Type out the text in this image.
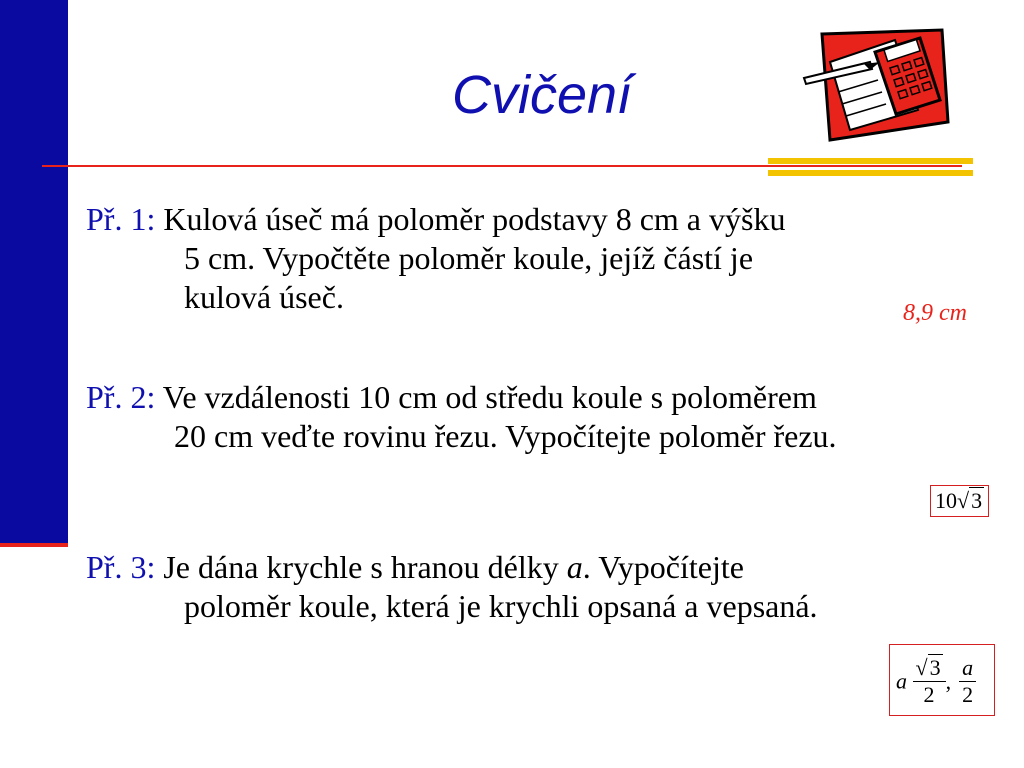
Cvičení
Př. 1: Kulová úseč má poloměr podstavy 8 cm a výšku
5 cm. Vypočtěte poloměr koule, jejíž částí je
kulová úseč.	8,9 cm
Př. 2: Ve vzdálenosti 10 cm od středu koule s poloměrem
20 cm veďte rovinu řezu. Vypočítejte poloměr řezu.
10√3
Př. 3: Je dána krychle s hranou délky a. Vypočítejte
poloměr koule, která je krychli opsaná a vepsaná.
a $\frac{√3}{2}$ , $\frac{a}{2}$
